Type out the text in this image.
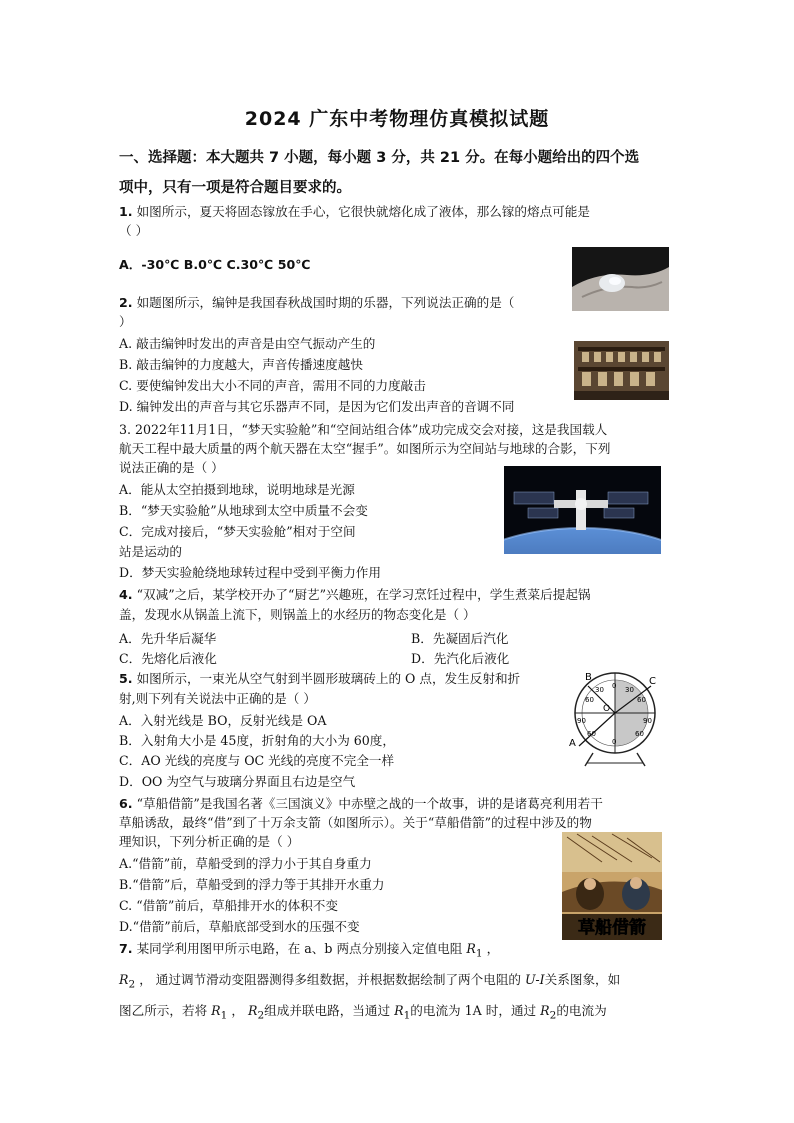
2024 广东中考物理仿真模拟试题
一、选择题：本大题共 7 小题，每小题 3 分，共 21 分。在每小题给出的四个选
项中，只有一项是符合题目要求的。
1. 如图所示，夏天将固态镓放在手心，它很快就熔化成了液体，那么镓的熔点可能是
（ ）
A．-30℃ B.0℃ C.30℃ 50℃
2. 如题图所示，编钟是我国春秋战国时期的乐器，下列说法正确的是（
）
A. 敲击编钟时发出的声音是由空气振动产生的
B. 敲击编钟的力度越大，声音传播速度越快
C. 要使编钟发出大小不同的声音，需用不同的力度敲击
D. 编钟发出的声音与其它乐器声不同，是因为它们发出声音的音调不同
3. 2022年11月1日，“梦天实验舱”和“空间站组合体”成功完成交会对接，这是我国载人
航天工程中最大质量的两个航天器在太空“握手”。如图所示为空间站与地球的合影，下列
说法正确的是（ ）
A．能从太空拍摄到地球，说明地球是光源
B．“梦天实验舱”从地球到太空中质量不会变
C．完成对接后，“梦天实验舱”相对于空间
站是运动的
D．梦天实验舱绕地球转过程中受到平衡力作用
4. “双减”之后，某学校开办了“厨艺”兴趣班，在学习烹饪过程中，学生煮菜后提起锅
盖，发现水从锅盖上流下，则锅盖上的水经历的物态变化是（ ）
A．先升华后凝华	B．先凝固后汽化
C．先熔化后液化	D．先汽化后液化
5. 如图所示，一束光从空气射到半圆形玻璃砖上的 O 点，发生反射和折
射,则下列有关说法中正确的是（ ）
A．入射光线是 BO，反射光线是 OA
B．入射角大小是 45度，折射角的大小为 60度，
C．AO 光线的亮度与 OC 光线的亮度不完全一样
D．OO 为空气与玻璃分界面且右边是空气
B	C
A
O
0
30	30
60	60
90	90
60	60
0
6. “草船借箭”是我国名著《三国演义》中赤壁之战的一个故事，讲的是诸葛亮利用若干
草船诱敌，最终“借”到了十万余支箭（如图所示）。关于“草船借箭”的过程中涉及的物
理知识，下列分析正确的是（ ）
A.“借箭”前，草船受到的浮力小于其自身重力
B.“借箭”后，草船受到的浮力等于其排开水重力
C. “借箭”前后，草船排开水的体积不变
D.“借箭”前后，草船底部受到水的压强不变	草船借箭
7. 某同学利用图甲所示电路，在 a、b 两点分别接入定值电阻 $R_1$ ，
$R_2$ ， 通过调节滑动变阻器测得多组数据，并根据数据绘制了两个电阻的 U-I关系图象，如
图乙所示，若将 $R_1$ ， $R_2$组成并联电路，当通过 $R_1$的电流为 1A 时，通过 $R_2$的电流为
